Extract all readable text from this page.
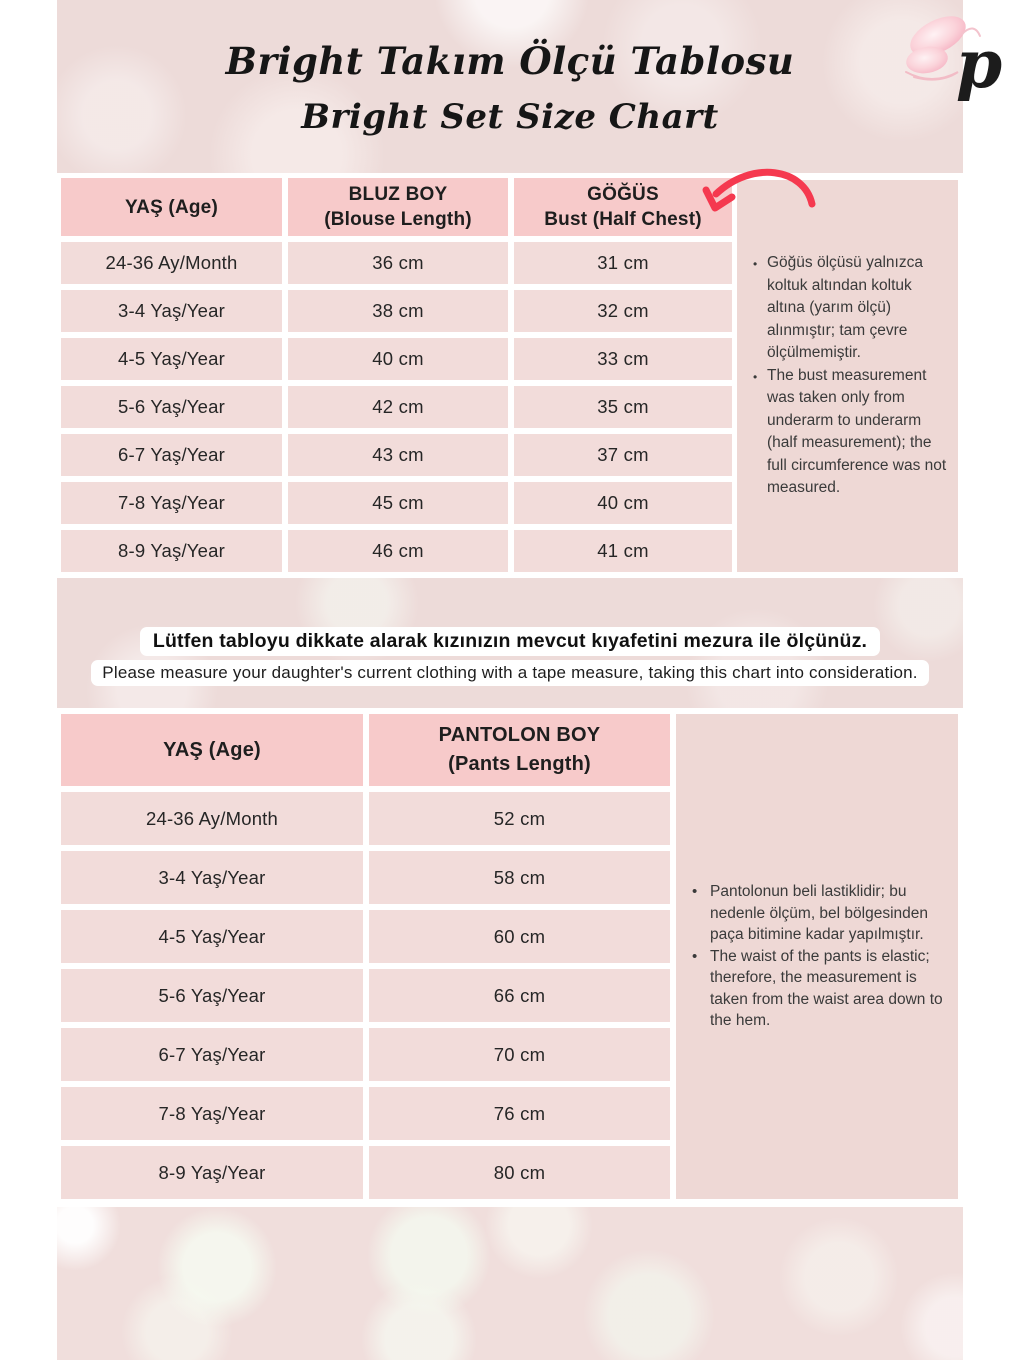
Bright Takım Ölçü Tablosu
Bright Set Size Chart
p
YAŞ (Age)
BLUZ BOY
(Blouse Length)
GÖĞÜS
Bust (Half Chest)
24-36 Ay/Month	36 cm	31 cm
3-4 Yaş/Year	38 cm	32 cm
4-5 Yaş/Year	40 cm	33 cm
5-6 Yaş/Year	42 cm	35 cm
6-7 Yaş/Year	43 cm	37 cm
7-8 Yaş/Year	45 cm	40 cm
8-9 Yaş/Year	46 cm	41 cm
• Göğüs ölçüsü yalnızca koltuk altından koltuk altına (yarım ölçü) alınmıştır; tam çevre ölçülmemiştir.
• The bust measurement was taken only from underarm to underarm (half measurement); the full circumference was not measured.
Lütfen tabloyu dikkate alarak kızınızın mevcut kıyafetini mezura ile ölçünüz.
Please measure your daughter's current clothing with a tape measure, taking this chart into consideration.
YAŞ (Age)
PANTOLON BOY
(Pants Length)
24-36 Ay/Month	52 cm
3-4 Yaş/Year	58 cm
4-5 Yaş/Year	60 cm
5-6 Yaş/Year	66 cm
6-7 Yaş/Year	70 cm
7-8 Yaş/Year	76 cm
8-9 Yaş/Year	80 cm
• Pantolonun beli lastiklidir; bu nedenle ölçüm, bel bölgesinden paça bitimine kadar yapılmıştır.
• The waist of the pants is elastic; therefore, the measurement is taken from the waist area down to the hem.
